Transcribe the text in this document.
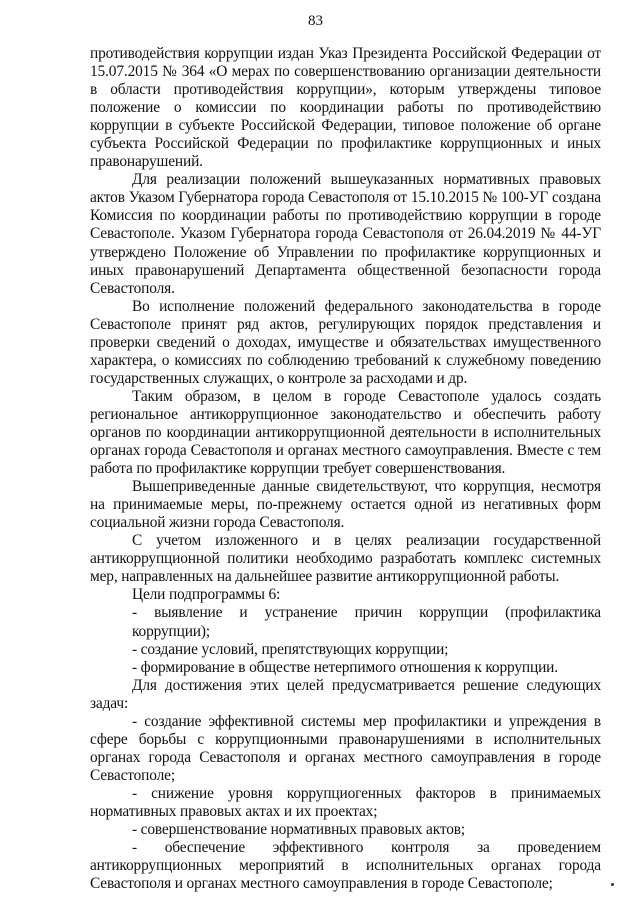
83

противодействия коррупции издан Указ Президента Российской Федерации от 15.07.2015 № 364 «О мерах по совершенствованию организации деятельности в области противодействия коррупции», которым утверждены типовое положение о комиссии по координации работы по противодействию коррупции в субъекте Российской Федерации, типовое положение об органе субъекта Российской Федерации по профилактике коррупционных и иных правонарушений.

Для реализации положений вышеуказанных нормативных правовых актов Указом Губернатора города Севастополя от 15.10.2015 № 100-УГ создана Комиссия по координации работы по противодействию коррупции в городе Севастополе. Указом Губернатора города Севастополя от 26.04.2019 № 44-УГ утверждено Положение об Управлении по профилактике коррупционных и иных правонарушений Департамента общественной безопасности города Севастополя.

Во исполнение положений федерального законодательства в городе Севастополе принят ряд актов, регулирующих порядок представления и проверки сведений о доходах, имуществе и обязательствах имущественного характера, о комиссиях по соблюдению требований к служебному поведению государственных служащих, о контроле за расходами и др.

Таким образом, в целом в городе Севастополе удалось создать региональное антикоррупционное законодательство и обеспечить работу органов по координации антикоррупционной деятельности в исполнительных органах города Севастополя и органах местного самоуправления. Вместе с тем работа по профилактике коррупции требует совершенствования.

Вышеприведенные данные свидетельствуют, что коррупция, несмотря на принимаемые меры, по-прежнему остается одной из негативных форм социальной жизни города Севастополя.

С учетом изложенного и в целях реализации государственной антикоррупционной политики необходимо разработать комплекс системных мер, направленных на дальнейшее развитие антикоррупционной работы.

Цели подпрограммы 6:

- выявление и устранение причин коррупции (профилактика коррупции);

- создание условий, препятствующих коррупции;

- формирование в обществе нетерпимого отношения к коррупции.

Для достижения этих целей предусматривается решение следующих задач:

- создание эффективной системы мер профилактики и упреждения в сфере борьбы с коррупционными правонарушениями в исполнительных органах города Севастополя и органах местного самоуправления в городе Севастополе;

- снижение уровня коррупциогенных факторов в принимаемых нормативных правовых актах и их проектах;

- совершенствование нормативных правовых актов;

- обеспечение эффективного контроля за проведением антикоррупционных мероприятий в исполнительных органах города Севастополя и органах местного самоуправления в городе Севастополе;
